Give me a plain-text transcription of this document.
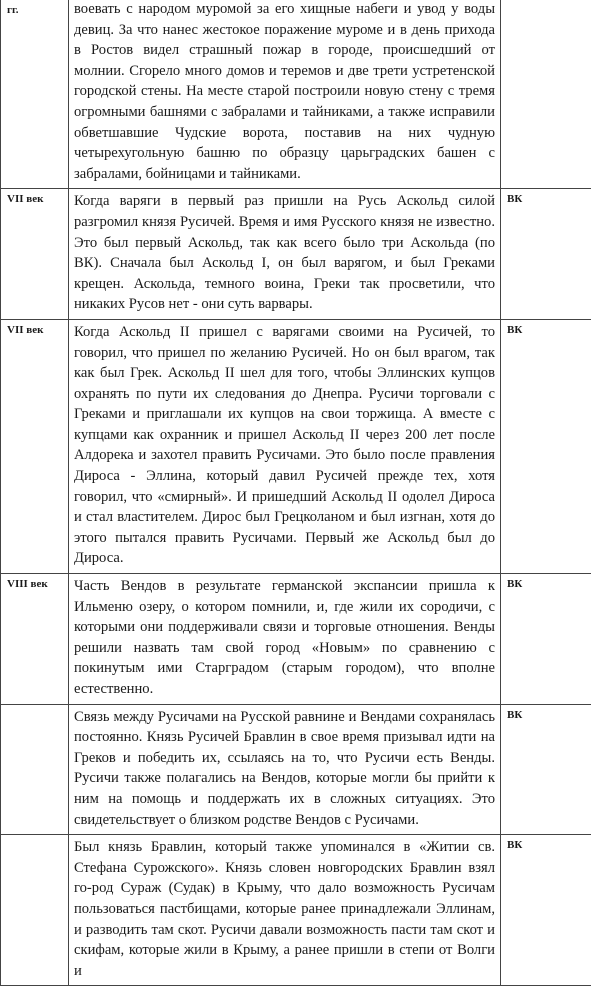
гг.	воевать с народом муромой за его хищные набеги и увод у воды девиц. За что нанес жестокое поражение муроме и в день прихода в Ростов видел страшный пожар в городе, происшедший от молнии. Сгорело много домов и теремов и две трети устретенской городской стены. На месте старой построили новую стену с тремя огромными башнями с забралами и тайниками, а также исправили обветшавшие Чудские ворота, поставив на них чудную четырехугольную башню по образцу царьградских башен с забралами, бойницами и тайниками.	

VII век	Когда варяги в первый раз пришли на Русь Аскольд силой разгромил князя Русичей. Время и имя Русского князя не известно. Это был первый Аскольд, так как всего было три Аскольда (по ВК). Сначала был Аскольд I, он был варягом, и был Греками крещен. Аскольда, темного воина, Греки так просветили, что никаких Русов нет - они суть варвары.	ВК
VII век	Когда Аскольд II пришел с варягами своими на Русичей, то говорил, что пришел по желанию Русичей. Но он был врагом, так как был Грек. Аскольд II шел для того, чтобы Эллинских купцов охранять по пути их следования до Днепра. Русичи торговали с Греками и приглашали их купцов на свои торжища. А вместе с купцами как охранник и пришел Аскольд II через 200 лет после Алдорека и захотел править Русичами. Это было после правления Дироса - Эллина, который давил Русичей прежде тех, хотя говорил, что «смирный». И пришедший Аскольд II одолел Дироса и стал властителем. Дирос был Грецколаном и был изгнан, хотя до этого пытался править Русичами. Первый же Аскольд был до Дироса.	ВК
VIII век	Часть Вендов в результате германской экспансии пришла к Ильменю озеру, о котором помнили, и, где жили их сородичи, с которыми они поддерживали связи и торговые отношения. Венды решили назвать там свой город «Новым» по сравнению с покинутым ими Старградом (старым городом), что вполне естественно.	ВК

	Связь между Русичами на Русской равнине и Вендами сохранялась постоянно. Князь Русичей Бравлин в свое время призывал идти на Греков и победить их, ссылаясь на то, что Русичи есть Венды. Русичи также полагались на Вендов, которые могли бы прийти к ним на помощь и поддержать их в сложных ситуациях. Это свидетельствует о близком родстве Вендов с Русичами.	ВК

	Был князь Бравлин, который также упоминался в «Житии св. Стефана Сурожского». Князь словен новгородских Бравлин взял го-род Сураж (Судак) в Крыму, что дало возможность Русичам пользоваться пастбищами, которые ранее принадлежали Эллинам, и разводить там скот. Русичи давали возможность пасти там скот и скифам, которые жили в Крыму, а ранее пришли в степи от Волги и	ВК
